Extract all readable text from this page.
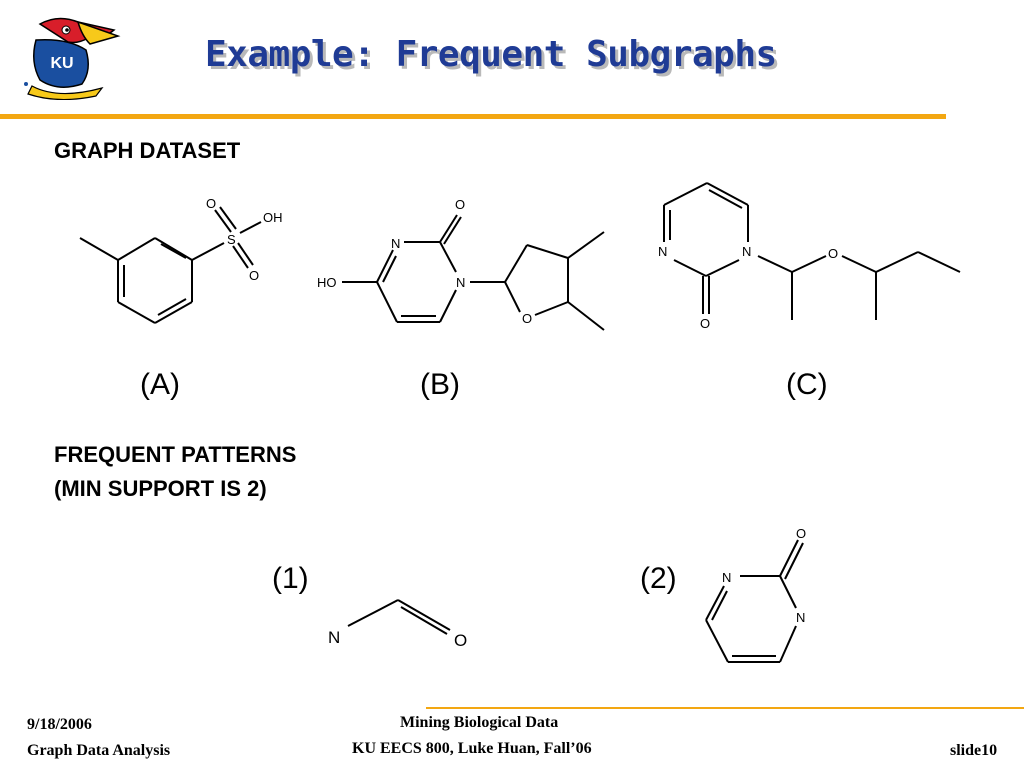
KU	Example: Frequent Subgraphs
GRAPH DATASET
O
OH
S
O
O
N
HO	N
O
N	N	O
O
(A)	(B)	(C)
FREQUENT PATTERNS
(MIN SUPPORT IS 2)
(1)	(2)
N	O
O
N
N
9/18/2006
Graph Data Analysis
Mining Biological Data
KU EECS 800, Luke Huan, Fall’06	slide10
